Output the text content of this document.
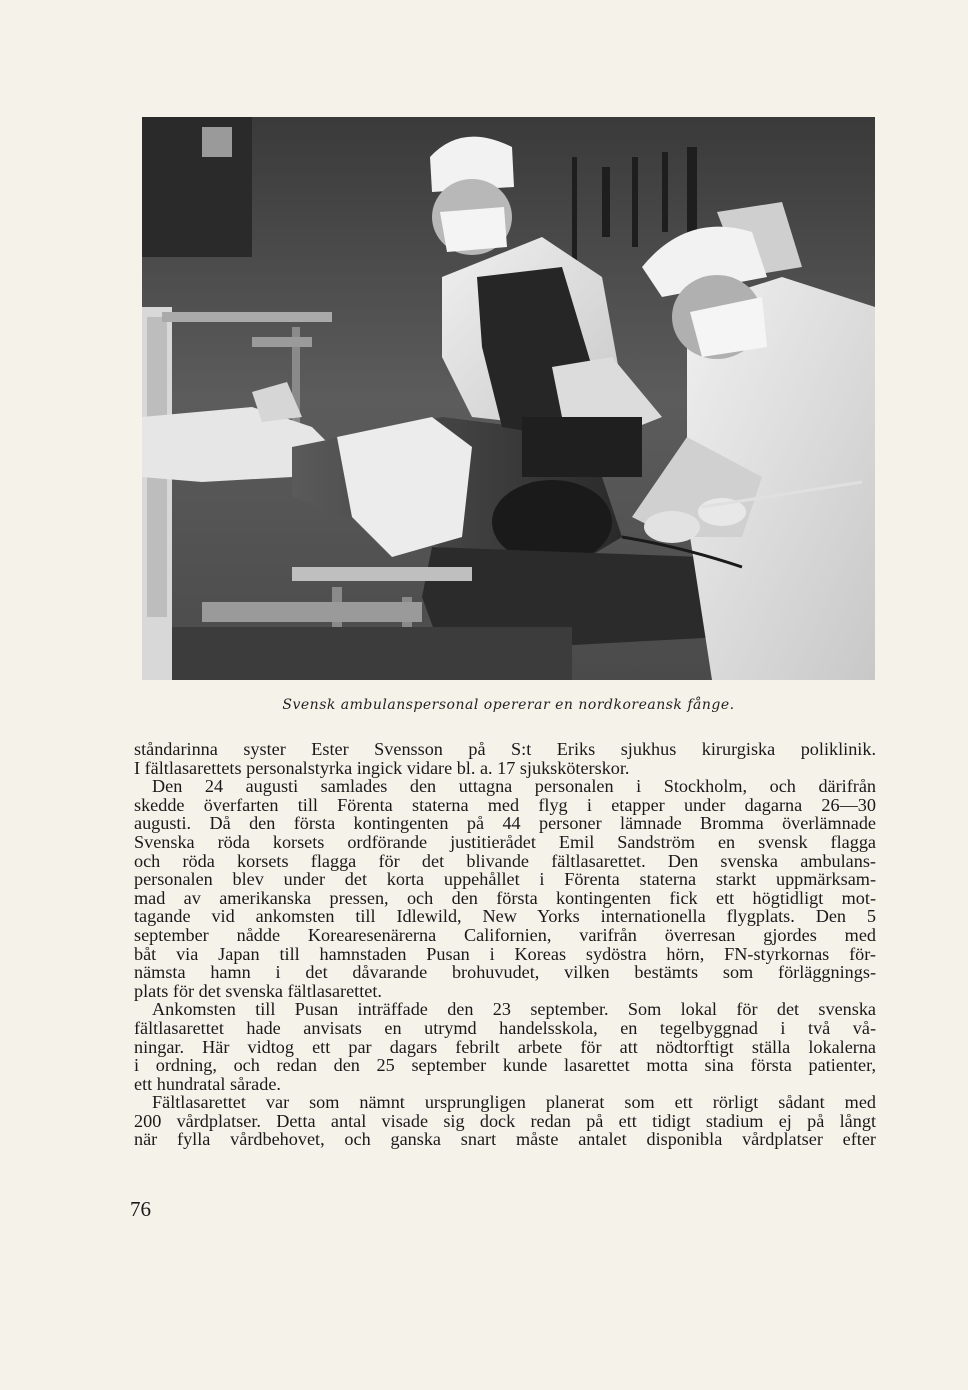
Svensk ambulanspersonal opererar en nordkoreansk fånge.
ståndarinna syster Ester Svensson på S:t Eriks sjukhus kirurgiska poliklinik.
I fältlasarettets personalstyrka ingick vidare bl. a. 17 sjuksköterskor.
Den 24 augusti samlades den uttagna personalen i Stockholm, och därifrån
skedde överfarten till Förenta staterna med flyg i etapper under dagarna 26—30
augusti. Då den första kontingenten på 44 personer lämnade Bromma överlämnade
Svenska röda korsets ordförande justitierådet Emil Sandström en svensk flagga
och röda korsets flagga för det blivande fältlasarettet. Den svenska ambulans-
personalen blev under det korta uppehållet i Förenta staterna starkt uppmärksam-
mad av amerikanska pressen, och den första kontingenten fick ett högtidligt mot-
tagande vid ankomsten till Idlewild, New Yorks internationella flygplats. Den 5
september nådde Korearesenärerna Californien, varifrån överresan gjordes med
båt via Japan till hamnstaden Pusan i Koreas sydöstra hörn, FN-styrkornas för-
nämsta hamn i det dåvarande brohuvudet, vilken bestämts som förläggnings-
plats för det svenska fältlasarettet.
Ankomsten till Pusan inträffade den 23 september. Som lokal för det svenska
fältlasarettet hade anvisats en utrymd handelsskola, en tegelbyggnad i två vå-
ningar. Här vidtog ett par dagars febrilt arbete för att nödtorftigt ställa lokalerna
i ordning, och redan den 25 september kunde lasarettet motta sina första patienter,
ett hundratal sårade.
Fältlasarettet var som nämnt ursprungligen planerat som ett rörligt sådant med
200 vårdplatser. Detta antal visade sig dock redan på ett tidigt stadium ej på långt
när fylla vårdbehovet, och ganska snart måste antalet disponibla vårdplatser efter
76
